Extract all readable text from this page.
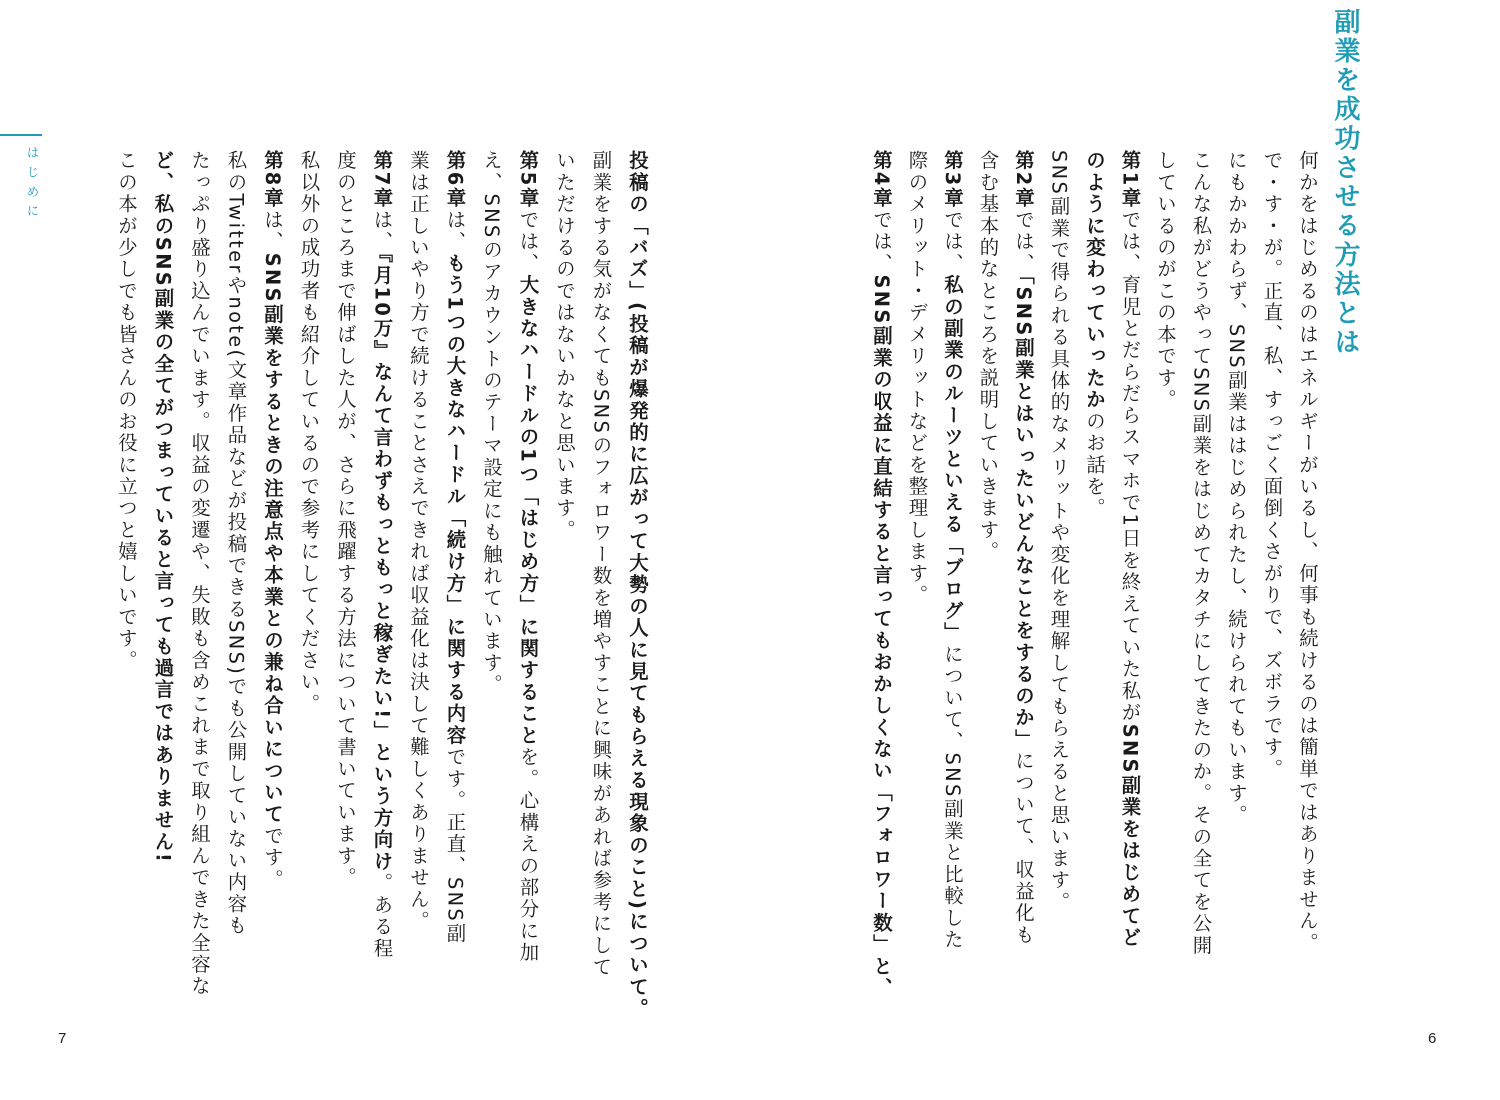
はじめに	副業を成功させる方法とは
何かをはじめるのはエネルギーがいるし、何事も続けるのは簡単ではありません。
で・す・が。正直、私、すっごく面倒くさがりで、ズボラです。
にもかかわらず、SNS副業ははじめられたし、続けられてもいます。
こんな私がどうやってSNS副業をはじめてカタチにしてきたのか。その全てを公開
しているのがこの本です。
第1章では、育児とだらだらスマホで1日を終えていた私がSNS副業をはじめてど
のように変わっていったかのお話を。
SNS副業で得られる具体的なメリットや変化を理解してもらえると思います。
第2章では、「SNS副業とはいったいどんなことをするのか」について、収益化も
含む基本的なところを説明していきます。
第3章では、私の副業のルーツといえる「ブログ」について、SNS副業と比較した
際のメリット・デメリットなどを整理します。
第4章では、SNS副業の収益に直結すると言ってもおかしくない「フォロワー数」と、
投稿の「バズ」(投稿が爆発的に広がって大勢の人に見てもらえる現象のこと)について。
副業をする気がなくてもSNSのフォロワー数を増やすことに興味があれば参考にして
いただけるのではないかなと思います。
第5章では、大きなハードルの1つ「はじめ方」に関することを。心構えの部分に加
え、SNSのアカウントのテーマ設定にも触れています。
第6章は、もう1つの大きなハードル「続け方」に関する内容です。正直、SNS副
業は正しいやり方で続けることさえできれば収益化は決して難しくありません。
第7章は、『月10万』なんて言わずもっともっと稼ぎたい!」という方向け。ある程
度のところまで伸ばした人が、さらに飛躍する方法について書いています。
私以外の成功者も紹介しているので参考にしてください。
第8章は、SNS副業をするときの注意点や本業との兼ね合いについてです。
私のTwitterやnote(文章作品などが投稿できるSNS)でも公開していない内容も
たっぷり盛り込んでいます。収益の変遷や、失敗も含めこれまで取り組んできた全容な
ど、私のSNS副業の全てがつまっていると言っても過言ではありません!
この本が少しでも皆さんのお役に立つと嬉しいです。
7	6
